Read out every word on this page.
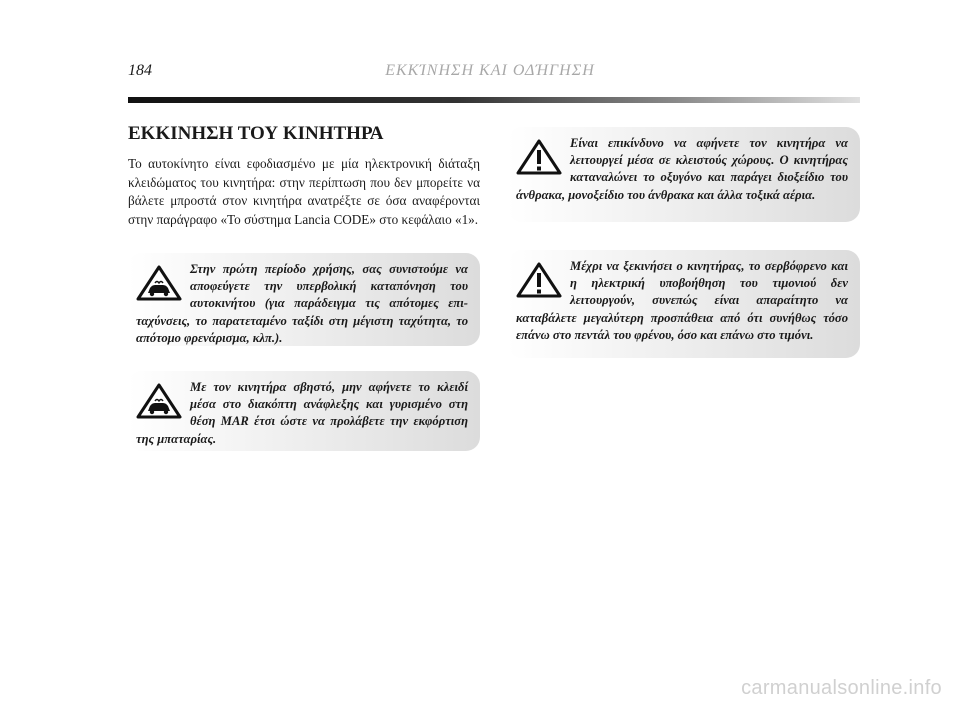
184	ΕΚΚΊΝΗΣΗ ΚΑΙ ΟΔΉΓΗΣΗ
ΕΚΚΙΝΗΣΗ ΤΟΥ ΚΙΝΗΤΗΡΑ

Το αυτοκίνητο είναι εφοδιασμένο με μία ηλεκτρονική διάταξη κλειδώματος του κινητήρα: στην περίπτωση που δεν μπορείτε να βάλετε μπροστά στον κινητήρα ανατρέξτε σε όσα αναφέρονται στην παράγραφο «Το σύστημα Lancia CODE» στο κεφάλαιο «1».

Στην πρώτη περίοδο χρήσης, σας συνιστούμε να αποφεύγετε την υπερβολική καταπόνηση του αυτοκινήτου (για παράδειγμα τις απότομες επιταχύνσεις, το παρατεταμένο ταξίδι στη μέγιστη ταχύτητα, το απότομο φρενάρισμα, κλπ.).
Με τον κινητήρα σβηστό, μην αφήνετε το κλειδί μέσα στο διακόπτη ανάφλεξης και γυρισμένο στη θέση MAR έτσι ώστε να προλάβετε την εκφόρτιση της μπαταρίας.
Είναι επικίνδυνο να αφήνετε τον κινητήρα να λειτουργεί μέσα σε κλειστούς χώρους. Ο κινητήρας καταναλώνει το οξυγόνο και παράγει διοξείδιο του άνθρακα, μονοξείδιο του άνθρακα και άλλα τοξικά αέρια.
Μέχρι να ξεκινήσει ο κινητήρας, το σερβόφρενο και η ηλεκτρική υποβοήθηση του τιμονιού δεν λειτουργούν, συνεπώς είναι απαραίτητο να καταβάλετε μεγαλύτερη προσπάθεια από ότι συνήθως τόσο επάνω στο πεντάλ του φρένου, όσο και επάνω στο τιμόνι.
carmanualsonline.info
